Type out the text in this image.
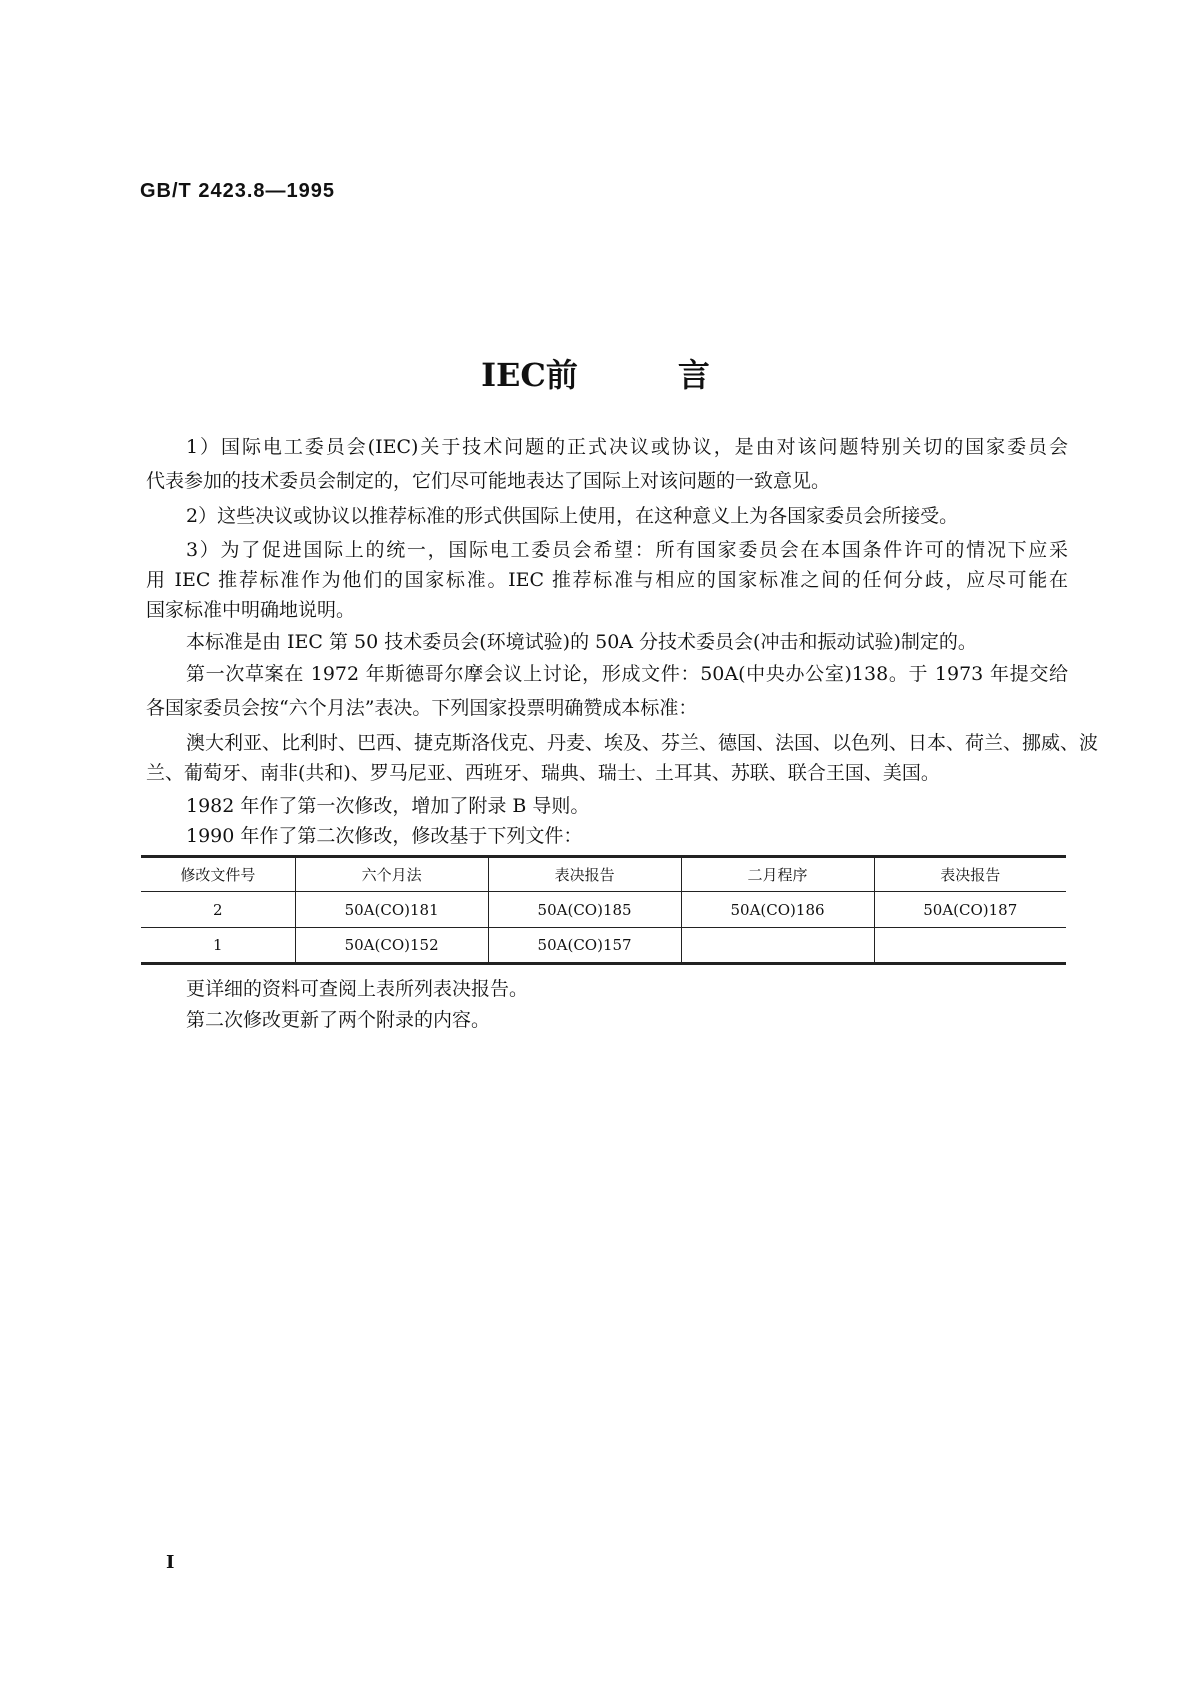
GB/T 2423.8—1995
IEC前	言
1）国际电工委员会(IEC)关于技术问题的正式决议或协议，是由对该问题特别关切的国家委员会
代表参加的技术委员会制定的，它们尽可能地表达了国际上对该问题的一致意见。
2）这些决议或协议以推荐标准的形式供国际上使用，在这种意义上为各国家委员会所接受。
3）为了促进国际上的统一，国际电工委员会希望：所有国家委员会在本国条件许可的情况下应采
用 IEC 推荐标准作为他们的国家标准。IEC 推荐标准与相应的国家标准之间的任何分歧，应尽可能在
国家标准中明确地说明。
本标准是由 IEC 第 50 技术委员会(环境试验)的 50A 分技术委员会(冲击和振动试验)制定的。
第一次草案在 1972 年斯德哥尔摩会议上讨论，形成文件：50A(中央办公室)138。于 1973 年提交给
各国家委员会按“六个月法”表决。下列国家投票明确赞成本标准：
澳大利亚、比利时、巴西、捷克斯洛伐克、丹麦、埃及、芬兰、德国、法国、以色列、日本、荷兰、挪威、波
兰、葡萄牙、南非(共和)、罗马尼亚、西班牙、瑞典、瑞士、土耳其、苏联、联合王国、美国。
1982 年作了第一次修改，增加了附录 B 导则。
1990 年作了第二次修改，修改基于下列文件：
修改文件号	六个月法	表决报告	二月程序	表决报告
2	50A(CO)181	50A(CO)185	50A(CO)186	50A(CO)187
1	50A(CO)152	50A(CO)157		
更详细的资料可查阅上表所列表决报告。
第二次修改更新了两个附录的内容。
I
